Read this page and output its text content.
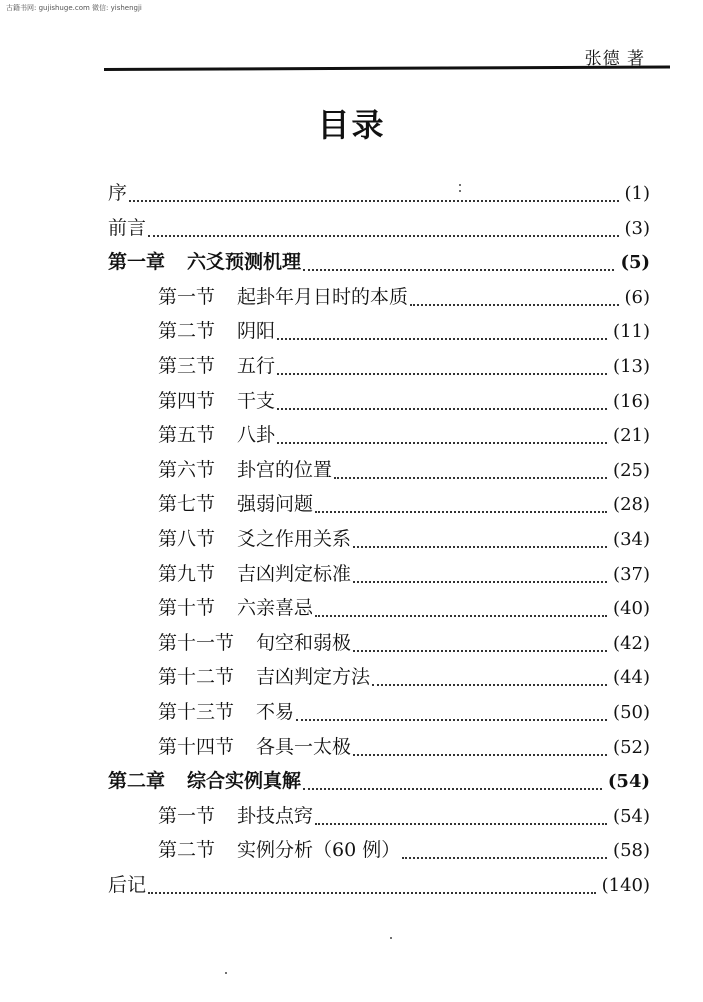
古籍书网: gujishuge.com 微信: yishengji
张德 著
目录
序	(1)
前言	(3)
第一章 六爻预测机理	(5)
第一节 起卦年月日时的本质	(6)
第二节 阴阳	(11)
第三节 五行	(13)
第四节 干支	(16)
第五节 八卦	(21)
第六节 卦宫的位置	(25)
第七节 强弱问题	(28)
第八节 爻之作用关系	(34)
第九节 吉凶判定标准	(37)
第十节 六亲喜忌	(40)
第十一节 旬空和弱极	(42)
第十二节 吉凶判定方法	(44)
第十三节 不易	(50)
第十四节 各具一太极	(52)
第二章 综合实例真解	(54)
第一节 卦技点窍	(54)
第二节 实例分析（60 例）	(58)
后记	(140)
